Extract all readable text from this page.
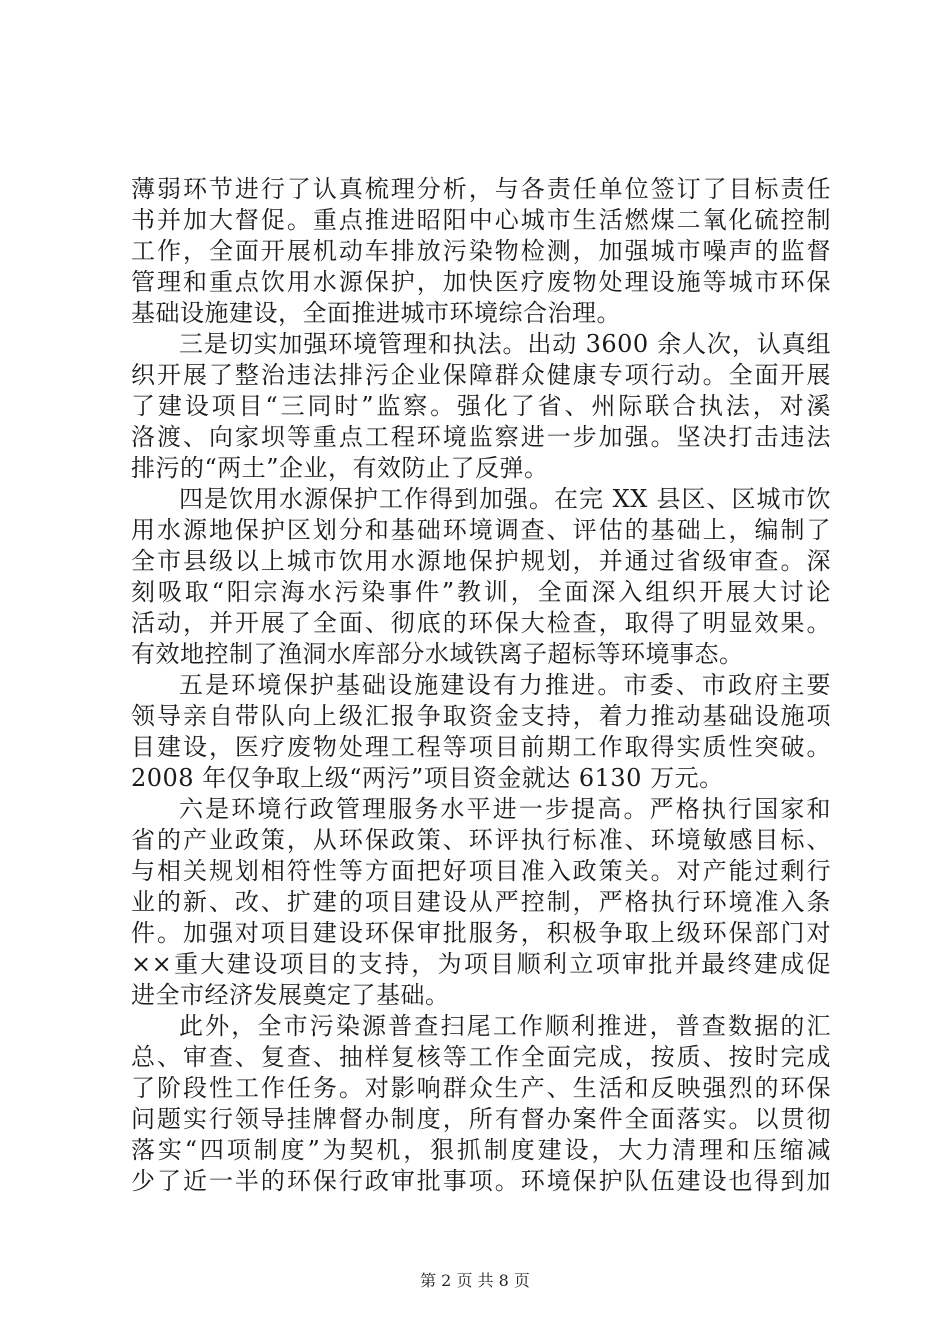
薄弱环节进行了认真梳理分析，与各责任单位签订了目标责任
书并加大督促。重点推进昭阳中心城市生活燃煤二氧化硫控制
工作，全面开展机动车排放污染物检测，加强城市噪声的监督
管理和重点饮用水源保护，加快医疗废物处理设施等城市环保
基础设施建设，全面推进城市环境综合治理。
三是切实加强环境管理和执法。出动 3600 余人次，认真组
织开展了整治违法排污企业保障群众健康专项行动。全面开展
了建设项目“三同时”监察。强化了省、州际联合执法，对溪
洛渡、向家坝等重点工程环境监察进一步加强。坚决打击违法
排污的“两土”企业，有效防止了反弹。
四是饮用水源保护工作得到加强。在完 XX 县区、区城市饮
用水源地保护区划分和基础环境调查、评估的基础上，编制了
全市县级以上城市饮用水源地保护规划，并通过省级审查。深
刻吸取“阳宗海水污染事件”教训，全面深入组织开展大讨论
活动，并开展了全面、彻底的环保大检查，取得了明显效果。
有效地控制了渔洞水库部分水域铁离子超标等环境事态。
五是环境保护基础设施建设有力推进。市委、市政府主要
领导亲自带队向上级汇报争取资金支持，着力推动基础设施项
目建设，医疗废物处理工程等项目前期工作取得实质性突破。
2008 年仅争取上级“两污”项目资金就达 6130 万元。
六是环境行政管理服务水平进一步提高。严格执行国家和
省的产业政策，从环保政策、环评执行标准、环境敏感目标、
与相关规划相符性等方面把好项目准入政策关。对产能过剩行
业的新、改、扩建的项目建设从严控制，严格执行环境准入条
件。加强对项目建设环保审批服务，积极争取上级环保部门对
××重大建设项目的支持，为项目顺利立项审批并最终建成促
进全市经济发展奠定了基础。
此外，全市污染源普查扫尾工作顺利推进，普查数据的汇
总、审查、复查、抽样复核等工作全面完成，按质、按时完成
了阶段性工作任务。对影响群众生产、生活和反映强烈的环保
问题实行领导挂牌督办制度，所有督办案件全面落实。以贯彻
落实“四项制度”为契机，狠抓制度建设，大力清理和压缩减
少了近一半的环保行政审批事项。环境保护队伍建设也得到加
第 2 页 共 8 页
